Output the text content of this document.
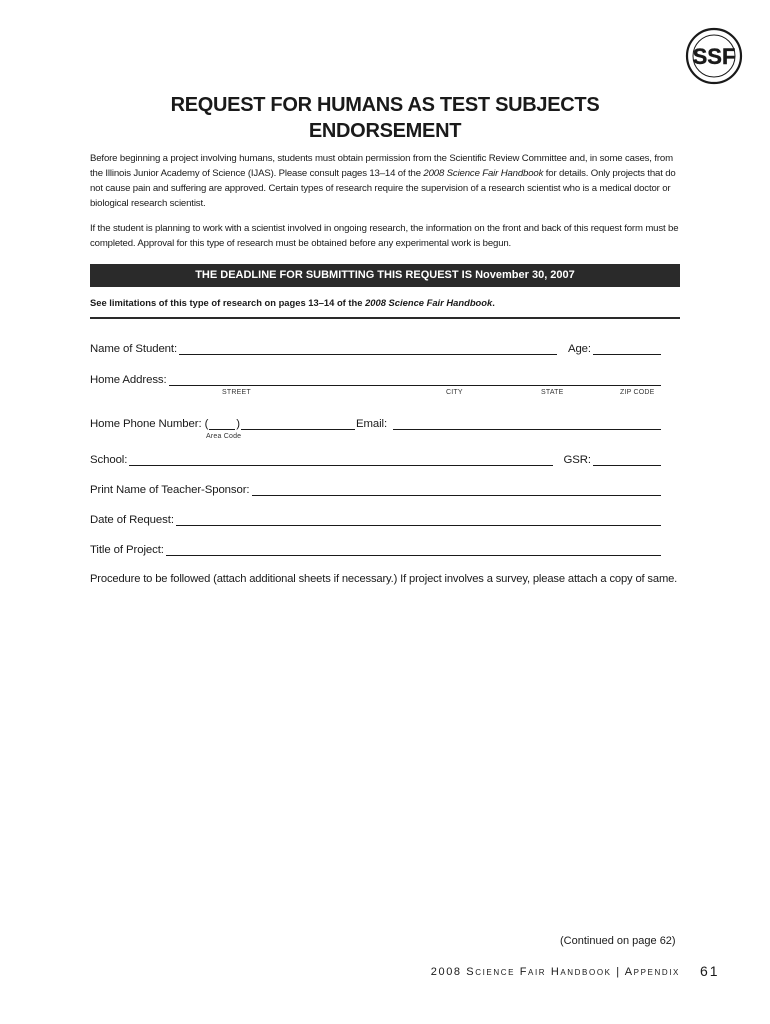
SSF
REQUEST FOR HUMANS AS TEST SUBJECTS
ENDORSEMENT

Before beginning a project involving humans, students must obtain permission from the Scientific Review Committee and, in some cases, from the Illinois Junior Academy of Science (IJAS). Please consult pages 13–14 of the 2008 Science Fair Handbook for details. Only projects that do not cause pain and suffering are approved. Certain types of research require the supervision of a research scientist who is a medical doctor or biological research scientist.

If the student is planning to work with a scientist involved in ongoing research, the information on the front and back of this request form must be completed. Approval for this type of research must be obtained before any experimental work is begun.

THE DEADLINE FOR SUBMITTING THIS REQUEST IS November 30, 2007
See limitations of this type of research on pages 13–14 of the 2008 Science Fair Handbook.
Name of Student:	Age:
Home Address:
STREET	CITY	STATE	ZIP CODE
Home Phone Number: ( )	Email:
Area Code
School:	GSR:
Print Name of Teacher-Sponsor:
Date of Request:
Title of Project:
Procedure to be followed (attach additional sheets if necessary.) If project involves a survey, please attach a copy of same.
(Continued on page 62)
2008 Science Fair Handbook | Appendix 61
